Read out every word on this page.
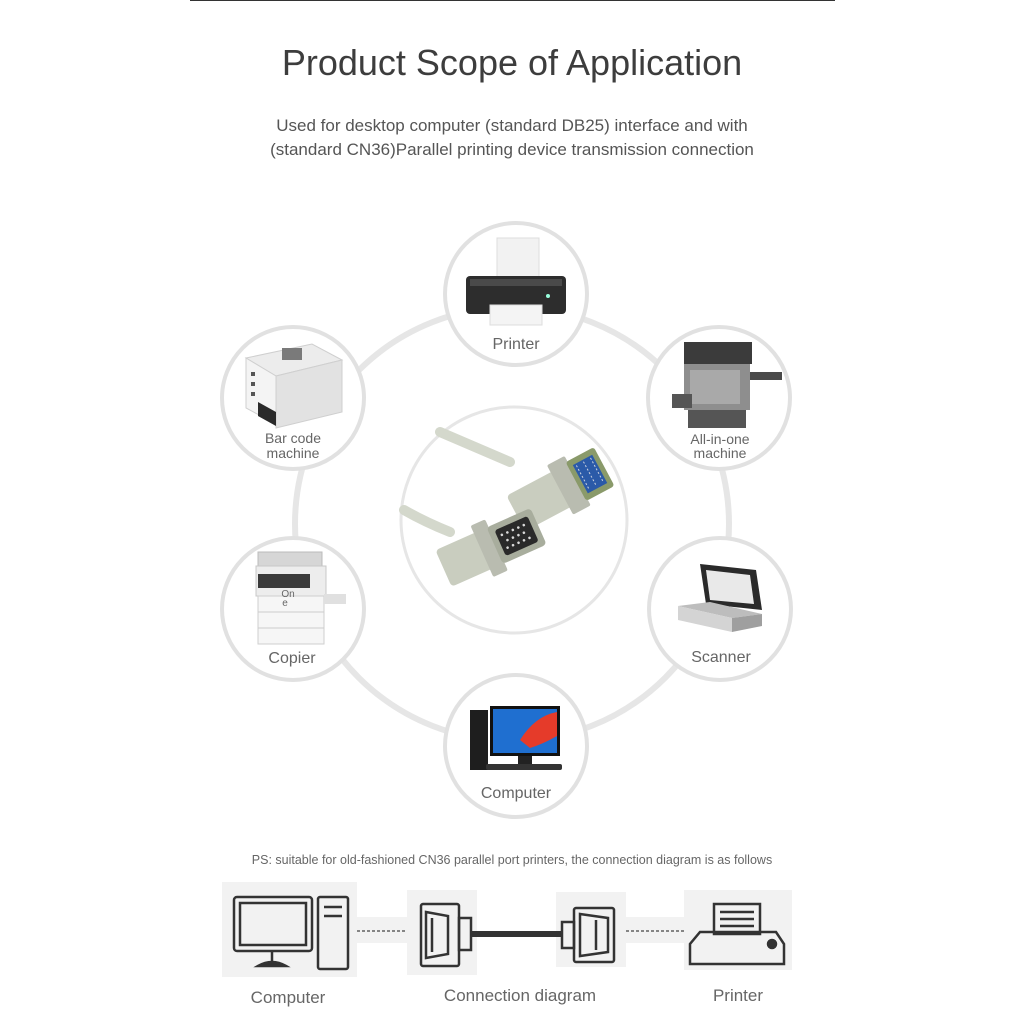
Product Scope of Application
Used for desktop computer (standard DB25) interface and with
(standard CN36)Parallel printing device transmission connection
Printer
All-in-one
machine
Scanner
Computer
On
e
Copier
Bar code
machine
PS: suitable for old-fashioned CN36 parallel port printers, the connection diagram is as follows
Computer	Connection diagram	Printer
